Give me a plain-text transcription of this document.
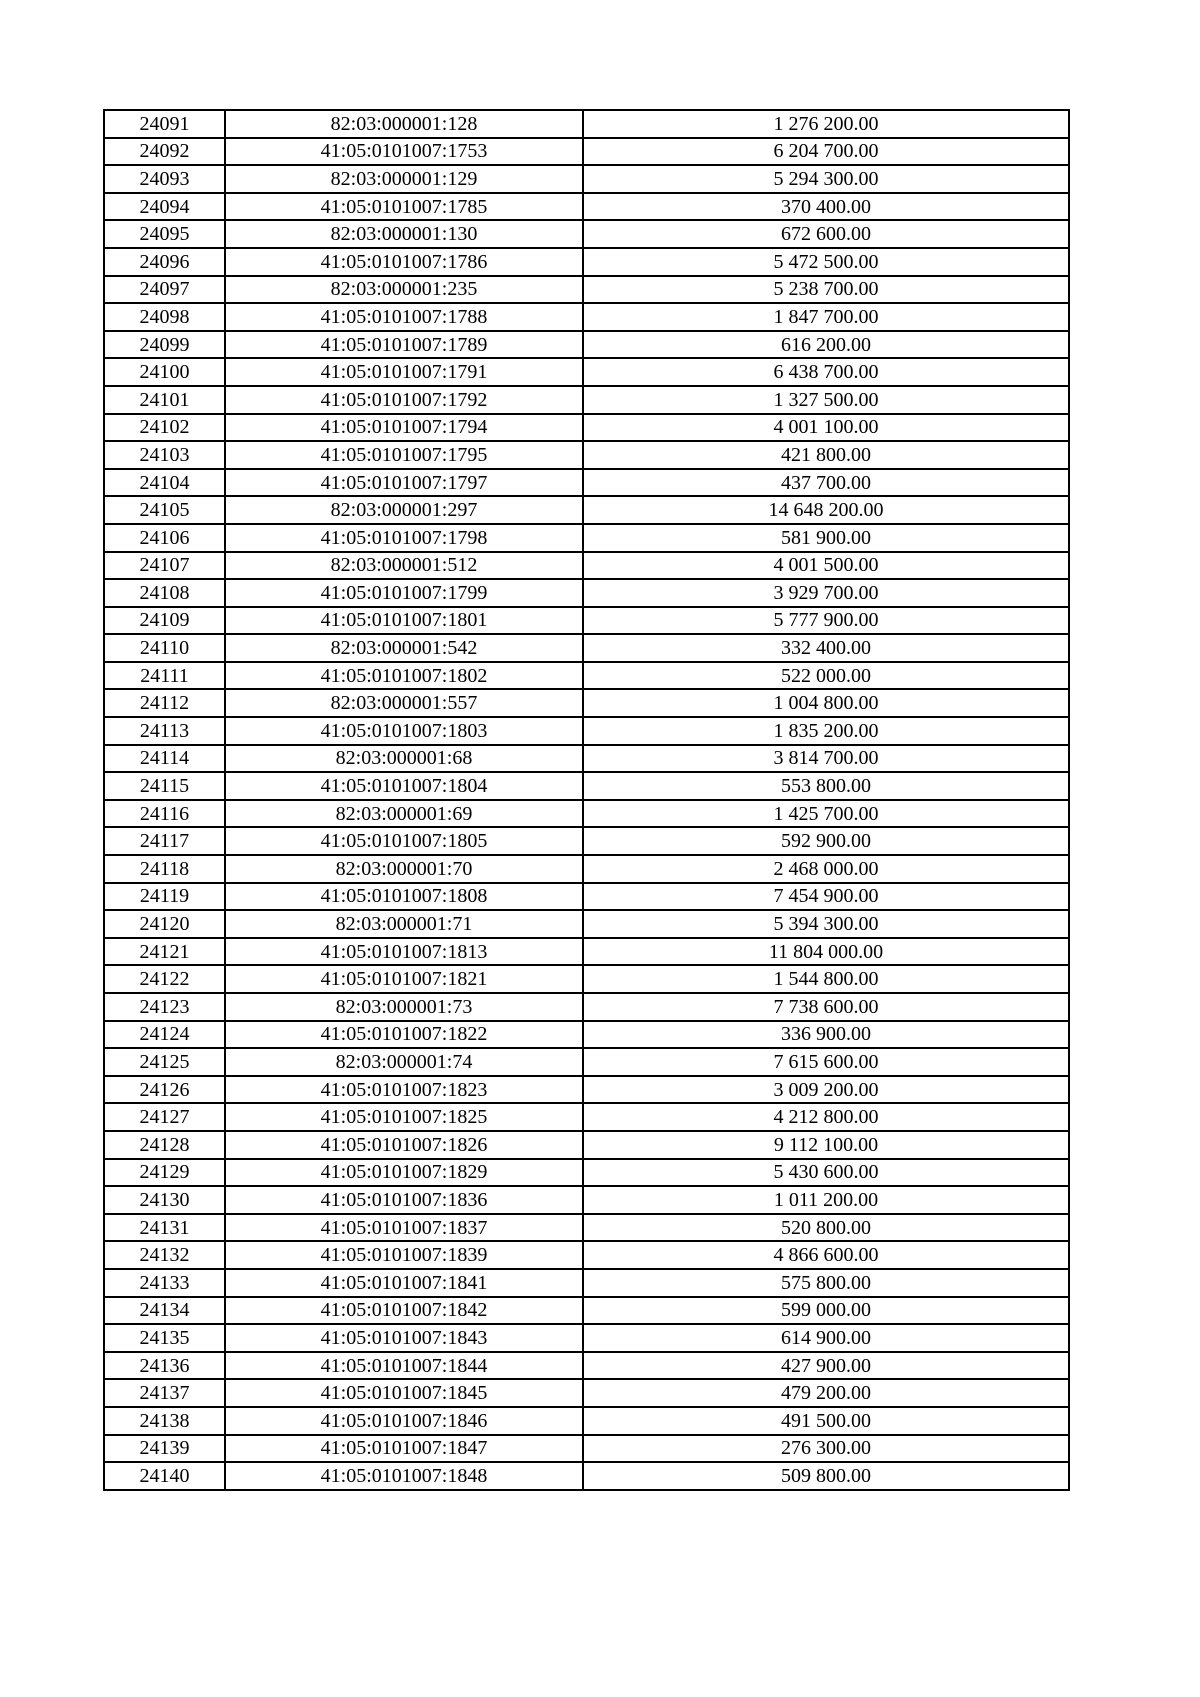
24091	82:03:000001:128	1 276 200.00
24092	41:05:0101007:1753	6 204 700.00
24093	82:03:000001:129	5 294 300.00
24094	41:05:0101007:1785	370 400.00
24095	82:03:000001:130	672 600.00
24096	41:05:0101007:1786	5 472 500.00
24097	82:03:000001:235	5 238 700.00
24098	41:05:0101007:1788	1 847 700.00
24099	41:05:0101007:1789	616 200.00
24100	41:05:0101007:1791	6 438 700.00
24101	41:05:0101007:1792	1 327 500.00
24102	41:05:0101007:1794	4 001 100.00
24103	41:05:0101007:1795	421 800.00
24104	41:05:0101007:1797	437 700.00
24105	82:03:000001:297	14 648 200.00
24106	41:05:0101007:1798	581 900.00
24107	82:03:000001:512	4 001 500.00
24108	41:05:0101007:1799	3 929 700.00
24109	41:05:0101007:1801	5 777 900.00
24110	82:03:000001:542	332 400.00
24111	41:05:0101007:1802	522 000.00
24112	82:03:000001:557	1 004 800.00
24113	41:05:0101007:1803	1 835 200.00
24114	82:03:000001:68	3 814 700.00
24115	41:05:0101007:1804	553 800.00
24116	82:03:000001:69	1 425 700.00
24117	41:05:0101007:1805	592 900.00
24118	82:03:000001:70	2 468 000.00
24119	41:05:0101007:1808	7 454 900.00
24120	82:03:000001:71	5 394 300.00
24121	41:05:0101007:1813	11 804 000.00
24122	41:05:0101007:1821	1 544 800.00
24123	82:03:000001:73	7 738 600.00
24124	41:05:0101007:1822	336 900.00
24125	82:03:000001:74	7 615 600.00
24126	41:05:0101007:1823	3 009 200.00
24127	41:05:0101007:1825	4 212 800.00
24128	41:05:0101007:1826	9 112 100.00
24129	41:05:0101007:1829	5 430 600.00
24130	41:05:0101007:1836	1 011 200.00
24131	41:05:0101007:1837	520 800.00
24132	41:05:0101007:1839	4 866 600.00
24133	41:05:0101007:1841	575 800.00
24134	41:05:0101007:1842	599 000.00
24135	41:05:0101007:1843	614 900.00
24136	41:05:0101007:1844	427 900.00
24137	41:05:0101007:1845	479 200.00
24138	41:05:0101007:1846	491 500.00
24139	41:05:0101007:1847	276 300.00
24140	41:05:0101007:1848	509 800.00
